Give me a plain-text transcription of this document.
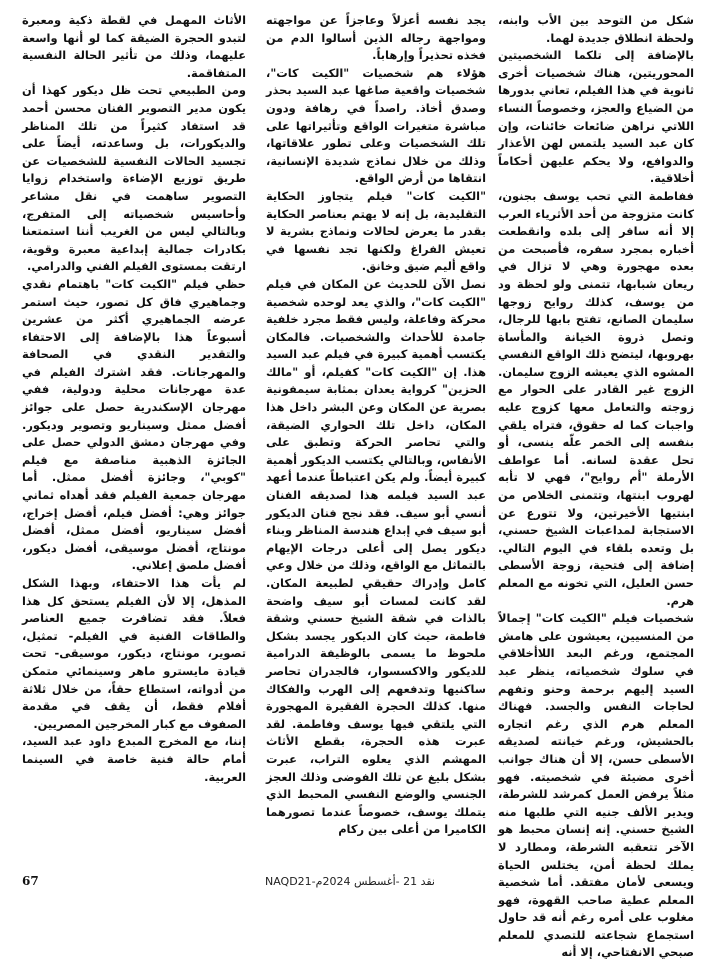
شكل من التوحد بين الأب وابنه، ولحظة انطلاق جديدة لهما.

بالإضافة إلى تلكما الشخصيتين المحوريتين، هناك شخصيات أخرى ثانوية في هذا الفيلم، تعاني بدورها من الضياع والعجز، وخصوصاً النساء اللاتي نراهن ضائعات خائنات، وإن كان عبد السيد يلتمس لهن الأعذار والدوافع، ولا يحكم عليهن أحكاماً أخلاقية.

ففاطمة التي تحب يوسف بجنون، كانت متزوجة من أحد الأثرياء العرب إلا أنه سافر إلى بلده وانقطعت أخباره بمجرد سفره، فأصبحت من بعده مهجورة وهي لا تزال في ريعان شبابها، تتمنى ولو لحظة ود من يوسف، كذلك روايح زوجها سليمان الصانع، تفتح بابها للرجال، وتصل ذروة الخيانة والمأساة بهروبها، ليتضح ذلك الواقع النفسي المشوه الذي يعيشه الزوج سليمان. الزوج غير القادر على الحوار مع زوجته والتعامل معها كزوج عليه واجبات كما له حقوق، فتراه يلقي بنفسه إلى الخمر علّه ينسى، أو تحل عقدة لسانه. أما عواطف الأرملة "أم روايح"، فهي لا تأبه لهروب ابنتها، وتتمنى الخلاص من ابنتيها الأخيرتين، ولا تتورع عن الاستجابة لمداعبات الشيخ حسني، بل وتعده بلقاء في اليوم التالي. إضافة إلى فتحية، زوجة الأسطى حسن العليل، التي تخونه مع المعلم هرم.

شخصيات فيلم "الكيت كات" إجمالاً من المنسيين، يعيشون على هامش المجتمع، ورغم البعد اللاأخلاقي في سلوك شخصياته، ينظر عبد السيد إليهم برحمة وحنو وتفهم لحاجات النفس والجسد. فهناك المعلم هرم الذي رغم اتجاره بالحشيش، ورغم خيانته لصديقه الأسطى حسن، إلا أن هناك جوانب أخرى مضيئة في شخصيته. فهو مثلاً يرفض العمل كمرشد للشرطة، ويدير الألف جنيه التي طلبها منه الشيخ حسني. إنه إنسان محبط هو الآخر تتعقبه الشرطة، ومطارد لا يملك لحظة أمن، يختلس الحياة ويسعى لأمان مفتقد. أما شخصية المعلم عطية صاحب القهوة، فهو مغلوب على أمره رغم أنه قد حاول استجماع شجاعته للتصدي للمعلم صبحي الانفتاحي، إلا أنه

يجد نفسه أعزلاً وعاجزاً عن مواجهته ومواجهة رجاله الذين أسالوا الدم من فخذه تحذيراً وإرهاباً.

هؤلاء هم شخصيات "الكيت كات"، شخصيات واقعية صاغها عبد السيد بحذر وصدق أخاذ. راصداً في رهافة ودون مباشرة متغيرات الواقع وتأثيراتها على تلك الشخصيات وعلى تطور علاقاتها، وذلك من خلال نماذج شديدة الإنسانية، انتقاها من أرض الواقع.

"الكيت كات" فيلم يتجاوز الحكاية التقليدية، بل إنه لا يهتم بعناصر الحكاية بقدر ما يعرض لحالات ونماذج بشرية لا تعيش الفراغ ولكنها تجد نفسها في واقع أليم ضيق وخانق.

نصل الآن للحديث عن المكان في فيلم "الكيت كات"، والذي يعد لوحده شخصية محركة وفاعلة، وليس فقط مجرد خلفية جامدة للأحداث والشخصيات. فالمكان يكتسب أهمية كبيرة في فيلم عبد السيد هذا. إن "الكيت كات" كفيلم، أو "مالك الحزين" كرواية يعدان بمثابة سيمفونية بصرية عن المكان وعن البشر داخل هذا المكان، داخل تلك الحواري الضيقة، والتي تحاصر الحركة وتطبق على الأنفاس، وبالتالي يكتسب الديكور أهمية كبيرة أيضاً. ولم يكن اعتباطاً عندما أعهد عبد السيد فيلمه هذا لصديقه الفنان أنسي أبو سيف. فقد نجح فنان الديكور أبو سيف في إبداع هندسة المناظر وبناء ديكور يصل إلى أعلى درجات الإيهام بالتماثل مع الواقع، وذلك من خلال وعي كامل وإدراك حقيقي لطبيعة المكان. لقد كانت لمسات أبو سيف واضحة بالذات في شقة الشيخ حسني وشقة فاطمة، حيث كان الديكور يجسد بشكل ملحوظ ما يسمى بالوظيفة الدرامية للديكور والاكسسوار، فالجدران تحاصر ساكنيها وتدفعهم إلى الهرب والفكاك منها. كذلك الحجرة الفقيرة المهجورة التي يلتقي فيها يوسف وفاطمة. لقد عبرت هذه الحجرة، بقطع الأثاث المهشم الذي يعلوه التراب، عبرت بشكل بليغ عن تلك الفوضى وذلك العجز الجنسي والوضع النفسي المحبط الذي يتملك يوسف، خصوصاً عندما تصورهما الكاميرا من أعلى بين ركام

الأثاث المهمل في لقطة ذكية ومعبرة لتبدو الحجرة الضيقة كما لو أنها واسعة عليهما، وذلك من تأثير الحالة النفسية المتفاقمة.

ومن الطبيعي تحت ظل ديكور كهذا أن يكون مدير التصوير الفنان محسن أحمد قد استفاد كثيراً من تلك المناظر والديكورات، بل وساعدته، أيضاً على تجسيد الحالات النفسية للشخصيات عن طريق توزيع الإضاءة واستخدام زوايا التصوير ساهمت في نقل مشاعر وأحاسيس شخصياته إلى المتفرج، وبالتالي ليس من الغريب أننا استمتعنا بكادرات جمالية إبداعية معبرة وقوية، ارتقت بمستوى الفيلم الفني والدرامي.

حظي فيلم "الكيت كات" باهتمام نقدي وجماهيري فاق كل تصور، حيث استمر عرضه الجماهيري أكثر من عشرين أسبوعاً هذا بالإضافة إلى الاحتفاء والتقدير النقدي في الصحافة والمهرجانات. فقد اشترك الفيلم في عدة مهرجانات محلية ودولية، ففي مهرجان الإسكندرية حصل على جوائز أفضل ممثل وسيناريو وتصوير وديكور. وفي مهرجان دمشق الدولي حصل على الجائزة الذهبية مناصفة مع فيلم "كوبي"، وجائزة أفضل ممثل. أما مهرجان جمعية الفيلم فقد أهداه ثماني جوائز وهي: أفضل فيلم، أفضل إخراج، أفضل سيناريو، أفضل ممثل، أفضل مونتاج، أفضل موسيقى، أفضل ديكور، أفضل ملصق إعلاني.

لم يأت هذا الاحتفاء، وبهذا الشكل المذهل، إلا لأن الفيلم يستحق كل هذا فعلاً. فقد تضافرت جميع العناصر والطاقات الفنية في الفيلم- تمثيل، تصوير، مونتاج، ديكور، موسيقى- تحت قيادة مايسترو ماهر وسينمائي متمكن من أدواته، استطاع حقاً، من خلال ثلاثة أفلام فقط، أن يقف في مقدمة الصفوف مع كبار المخرجين المصريين.

إننا، مع المخرج المبدع داود عبد السيد، أمام حالة فنية خاصة في السينما العربية.

67	نقد 21 -أغسطس 2024م-NAQD21
